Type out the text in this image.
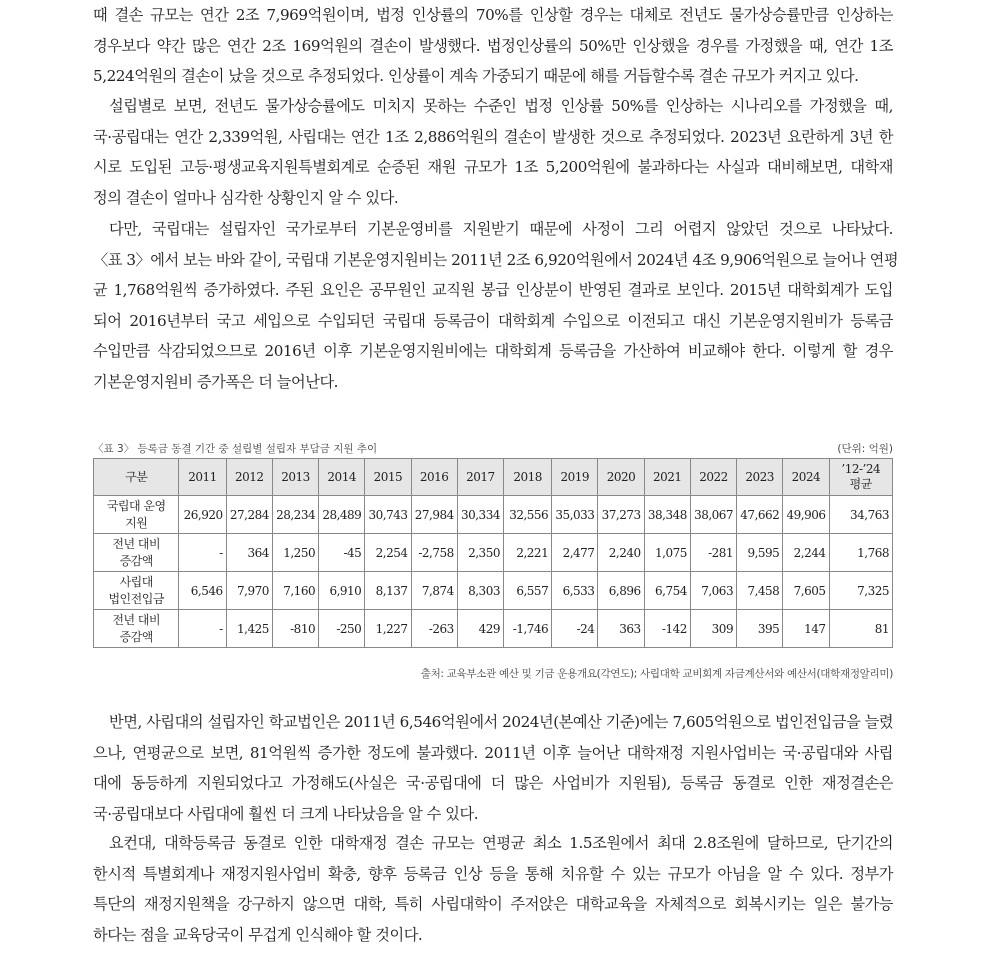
때 결손 규모는 연간 2조 7,969억원이며, 법정 인상률의 70%를 인상할 경우는 대체로 전년도 물가상승률만큼 인상하는
경우보다 약간 많은 연간 2조 169억원의 결손이 발생했다. 법정인상률의 50%만 인상했을 경우를 가정했을 때, 연간 1조
5,224억원의 결손이 났을 것으로 추정되었다. 인상률이 계속 가중되기 때문에 해를 거듭할수록 결손 규모가 커지고 있다.
설립별로 보면, 전년도 물가상승률에도 미치지 못하는 수준인 법정 인상률 50%를 인상하는 시나리오를 가정했을 때,
국·공립대는 연간 2,339억원, 사립대는 연간 1조 2,886억원의 결손이 발생한 것으로 추정되었다. 2023년 요란하게 3년 한
시로 도입된 고등·평생교육지원특별회계로 순증된 재원 규모가 1조 5,200억원에 불과하다는 사실과 대비해보면, 대학재
정의 결손이 얼마나 심각한 상황인지 알 수 있다.
다만, 국립대는 설립자인 국가로부터 기본운영비를 지원받기 때문에 사정이 그리 어렵지 않았던 것으로 나타났다.
〈표 3〉에서 보는 바와 같이, 국립대 기본운영지원비는 2011년 2조 6,920억원에서 2024년 4조 9,906억원으로 늘어나 연평
균 1,768억원씩 증가하였다. 주된 요인은 공무원인 교직원 봉급 인상분이 반영된 결과로 보인다. 2015년 대학회계가 도입
되어 2016년부터 국고 세입으로 수입되던 국립대 등록금이 대학회계 수입으로 이전되고 대신 기본운영지원비가 등록금
수입만큼 삭감되었으므로 2016년 이후 기본운영지원비에는 대학회계 등록금을 가산하여 비교해야 한다. 이렇게 할 경우
기본운영지원비 증가폭은 더 늘어난다.
〈표 3〉 등록금 동결 기간 중 설립별 설립자 부담금 지원 추이	(단위: 억원)
구분	2011	2012	2013	2014	2015	2016	2017	2018	2019	2020	2021	2022	2023	2024	’12-’24
평균
국립대 운영
지원	26,920	27,284	28,234	28,489	30,743	27,984	30,334	32,556	35,033	37,273	38,348	38,067	47,662	49,906	34,763
전년 대비
증감액	-	364	1,250	-45	2,254	-2,758	2,350	2,221	2,477	2,240	1,075	-281	9,595	2,244	1,768
사립대
법인전입금	6,546	7,970	7,160	6,910	8,137	7,874	8,303	6,557	6,533	6,896	6,754	7,063	7,458	7,605	7,325
전년 대비
증감액	-	1,425	-810	-250	1,227	-263	429	-1,746	-24	363	-142	309	395	147	81
출처: 교육부소관 예산 및 기금 운용개요(각연도); 사립대학 교비회계 자금계산서와 예산서(대학재정알리미)
반면, 사립대의 설립자인 학교법인은 2011년 6,546억원에서 2024년(본예산 기준)에는 7,605억원으로 법인전입금을 늘렸
으나, 연평균으로 보면, 81억원씩 증가한 정도에 불과했다. 2011년 이후 늘어난 대학재정 지원사업비는 국·공립대와 사립
대에 동등하게 지원되었다고 가정해도(사실은 국·공립대에 더 많은 사업비가 지원됨), 등록금 동결로 인한 재정결손은
국·공립대보다 사립대에 훨씬 더 크게 나타났음을 알 수 있다.
요컨대, 대학등록금 동결로 인한 대학재정 결손 규모는 연평균 최소 1.5조원에서 최대 2.8조원에 달하므로, 단기간의
한시적 특별회계나 재정지원사업비 확충, 향후 등록금 인상 등을 통해 치유할 수 있는 규모가 아님을 알 수 있다. 정부가
특단의 재정지원책을 강구하지 않으면 대학, 특히 사립대학이 주저앉은 대학교육을 자체적으로 회복시키는 일은 불가능
하다는 점을 교육당국이 무겁게 인식해야 할 것이다.
